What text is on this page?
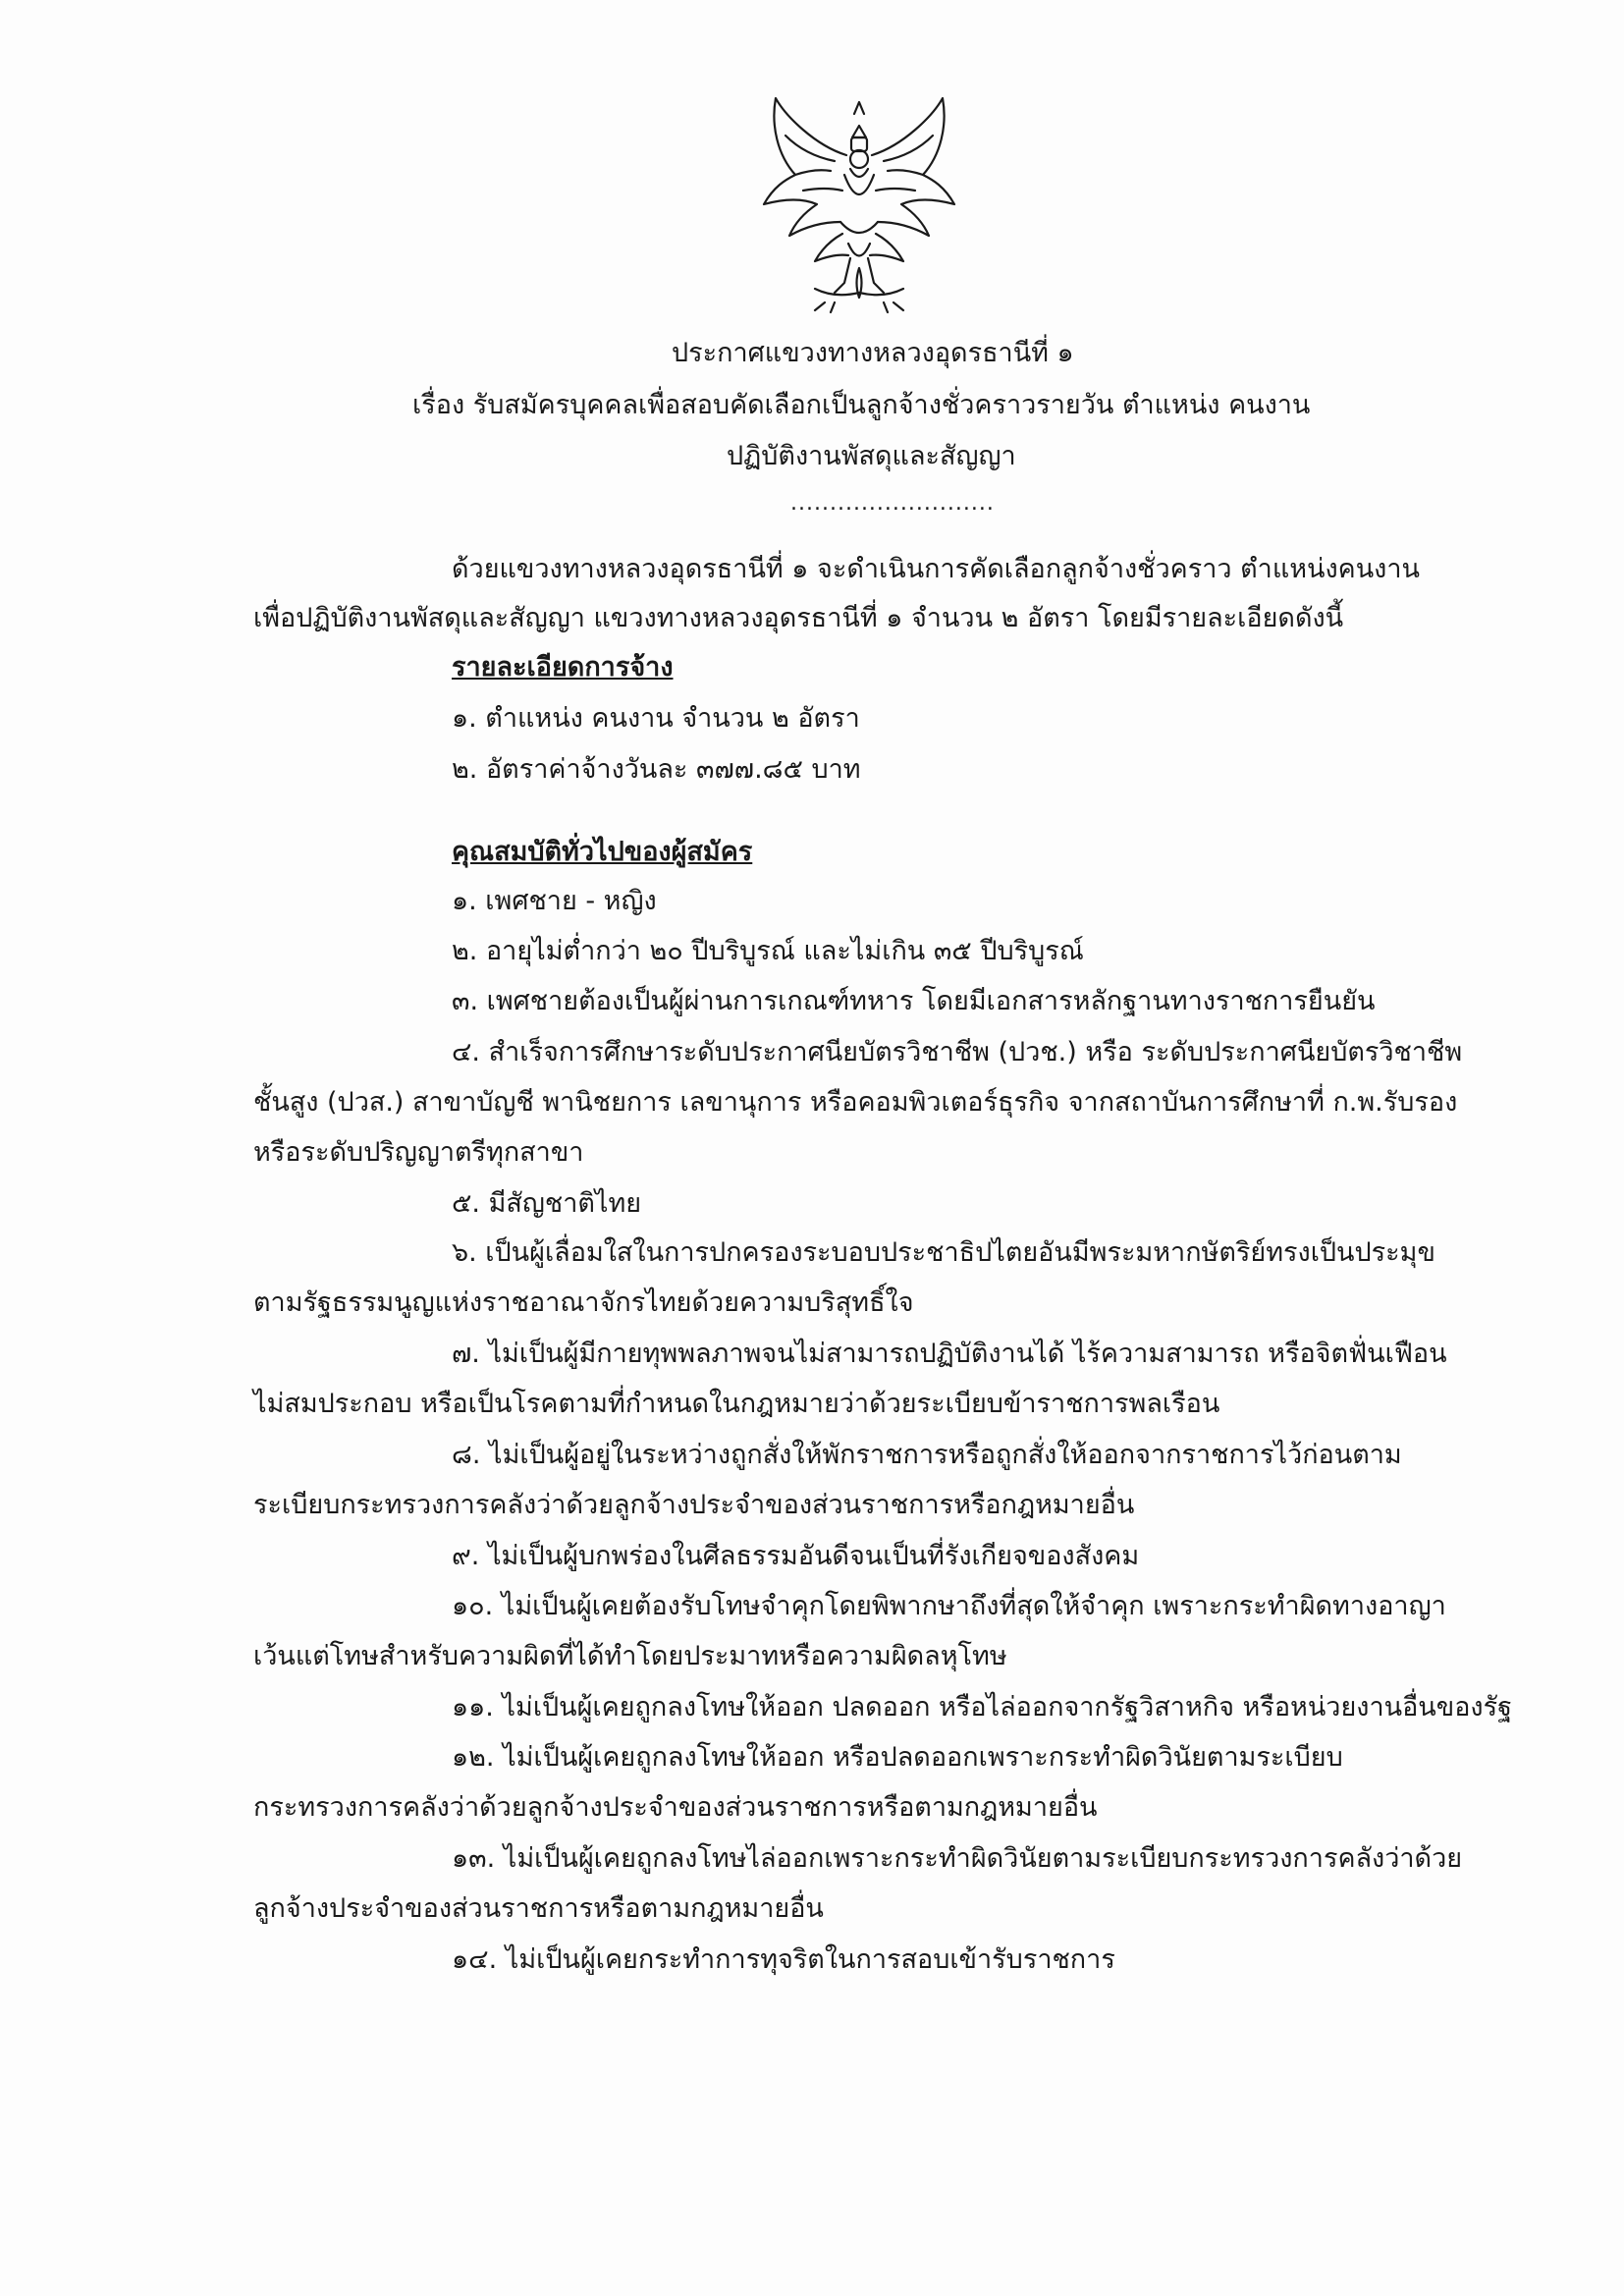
ประกาศแขวงทางหลวงอุดรธานีที่ ๑
เรื่อง รับสมัครบุคคลเพื่อสอบคัดเลือกเป็นลูกจ้างชั่วคราวรายวัน ตำแหน่ง คนงาน
ปฏิบัติงานพัสดุและสัญญา
..........................
ด้วยแขวงทางหลวงอุดรธานีที่ ๑ จะดำเนินการคัดเลือกลูกจ้างชั่วคราว ตำแหน่งคนงาน
เพื่อปฏิบัติงานพัสดุและสัญญา แขวงทางหลวงอุดรธานีที่ ๑ จำนวน ๒ อัตรา โดยมีรายละเอียดดังนี้
รายละเอียดการจ้าง
๑. ตำแหน่ง คนงาน จำนวน ๒ อัตรา
๒. อัตราค่าจ้างวันละ ๓๗๗.๘๕ บาท
คุณสมบัติทั่วไปของผู้สมัคร
๑. เพศชาย - หญิง
๒. อายุไม่ต่ำกว่า ๒๐ ปีบริบูรณ์ และไม่เกิน ๓๕ ปีบริบูรณ์
๓. เพศชายต้องเป็นผู้ผ่านการเกณฑ์ทหาร โดยมีเอกสารหลักฐานทางราชการยืนยัน
๔. สำเร็จการศึกษาระดับประกาศนียบัตรวิชาชีพ (ปวช.) หรือ ระดับประกาศนียบัตรวิชาชีพ
ชั้นสูง (ปวส.) สาขาบัญชี พานิชยการ เลขานุการ หรือคอมพิวเตอร์ธุรกิจ จากสถาบันการศึกษาที่ ก.พ.รับรอง
หรือระดับปริญญาตรีทุกสาขา
๕. มีสัญชาติไทย
๖. เป็นผู้เลื่อมใสในการปกครองระบอบประชาธิปไตยอันมีพระมหากษัตริย์ทรงเป็นประมุข
ตามรัฐธรรมนูญแห่งราชอาณาจักรไทยด้วยความบริสุทธิ์ใจ
๗. ไม่เป็นผู้มีกายทุพพลภาพจนไม่สามารถปฏิบัติงานได้ ไร้ความสามารถ หรือจิตฟั่นเฟือน
ไม่สมประกอบ หรือเป็นโรคตามที่กำหนดในกฎหมายว่าด้วยระเบียบข้าราชการพลเรือน
๘. ไม่เป็นผู้อยู่ในระหว่างถูกสั่งให้พักราชการหรือถูกสั่งให้ออกจากราชการไว้ก่อนตาม
ระเบียบกระทรวงการคลังว่าด้วยลูกจ้างประจำของส่วนราชการหรือกฎหมายอื่น
๙. ไม่เป็นผู้บกพร่องในศีลธรรมอันดีจนเป็นที่รังเกียจของสังคม
๑๐. ไม่เป็นผู้เคยต้องรับโทษจำคุกโดยพิพากษาถึงที่สุดให้จำคุก เพราะกระทำผิดทางอาญา
เว้นแต่โทษสำหรับความผิดที่ได้ทำโดยประมาทหรือความผิดลหุโทษ
๑๑. ไม่เป็นผู้เคยถูกลงโทษให้ออก ปลดออก หรือไล่ออกจากรัฐวิสาหกิจ หรือหน่วยงานอื่นของรัฐ
๑๒. ไม่เป็นผู้เคยถูกลงโทษให้ออก หรือปลดออกเพราะกระทำผิดวินัยตามระเบียบ
กระทรวงการคลังว่าด้วยลูกจ้างประจำของส่วนราชการหรือตามกฎหมายอื่น
๑๓. ไม่เป็นผู้เคยถูกลงโทษไล่ออกเพราะกระทำผิดวินัยตามระเบียบกระทรวงการคลังว่าด้วย
ลูกจ้างประจำของส่วนราชการหรือตามกฎหมายอื่น
๑๔. ไม่เป็นผู้เคยกระทำการทุจริตในการสอบเข้ารับราชการ
